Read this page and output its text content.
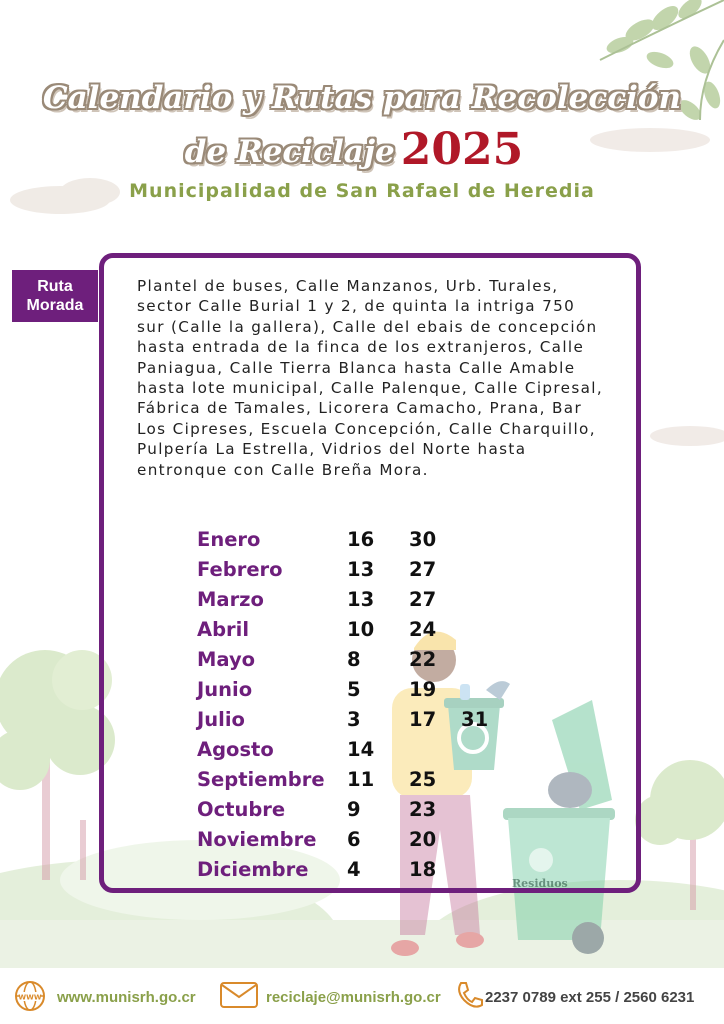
Calendario y Rutas para Recolección
de Reciclaje 2025
Municipalidad de San Rafael de Heredia
Ruta
Morada
Plantel de buses, Calle Manzanos, Urb. Turales, sector Calle Burial 1 y 2, de quinta la intriga 750 sur (Calle la gallera), Calle del ebais de concepción hasta entrada de la finca de los extranjeros, Calle Paniagua, Calle Tierra Blanca hasta Calle Amable hasta lote municipal, Calle Palenque, Calle Cipresal, Fábrica de Tamales, Licorera Camacho, Prana, Bar Los Cipreses, Escuela Concepción, Calle Charquillo, Pulpería La Estrella, Vidrios del Norte hasta entronque con Calle Breña Mora.
Enero	16 30
Febrero	13 27
Marzo	13 27
Abril	10 24
Mayo	8 22
Junio	5 19
Julio	3 17 31
Agosto	14
Septiembre 11 25
Octubre	9 23
Noviembre 6 20
Diciembre 4 18
Residuos
WWW www.munisrh.go.cr	reciclaje@munisrh.go.cr	2237 0789 ext 255 / 2560 6231
